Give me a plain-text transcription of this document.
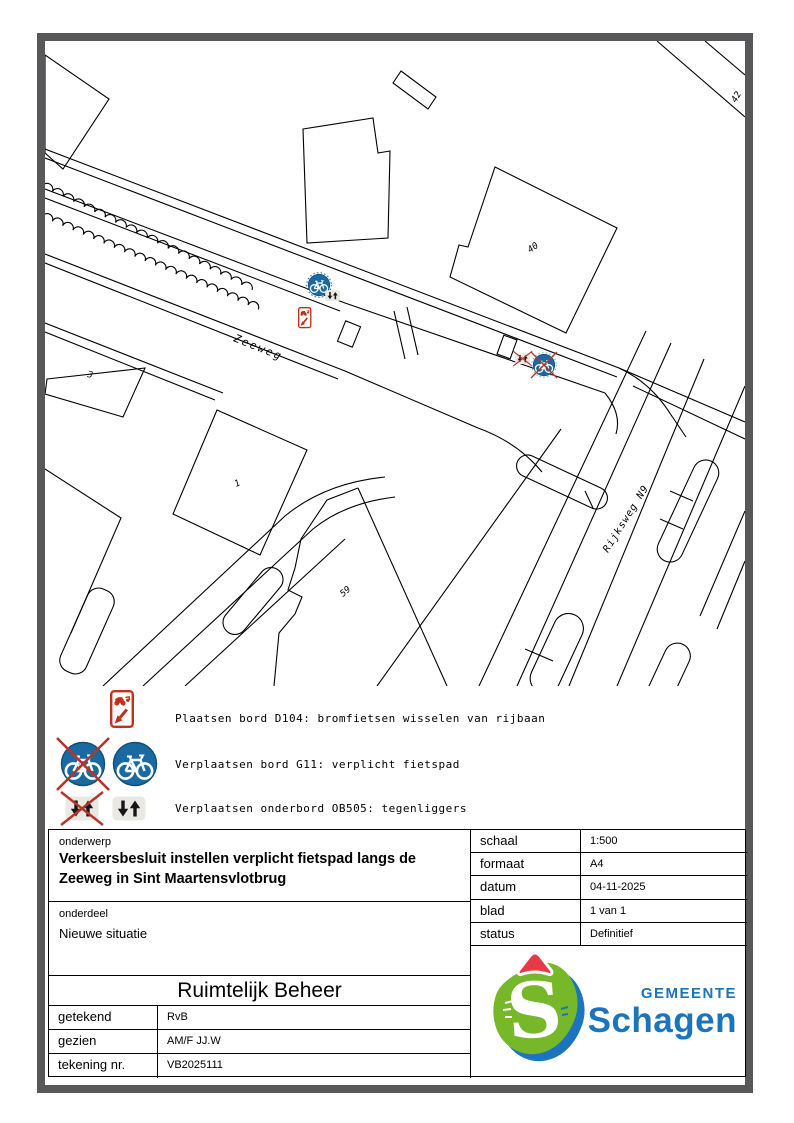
Zeeweg
Rijksweg N9
3
1
59
40
42
Plaatsen bord D104: bromfietsen wisselen van rijbaan
Verplaatsen bord G11: verplicht fietspad
Verplaatsen onderbord OB505: tegenliggers
onderwerp
Verkeersbesluit instellen verplicht fietspad langs de Zeeweg in Sint Maartensvlotbrug
onderdeel
Nieuwe situatie
Ruimtelijk Beheer
getekend	RvB
gezien	AM/F JJ.W
tekening nr.	VB2025111
schaal	1:500
formaat	A4
datum	04-11-2025
blad	1 van 1
status	Definitief
S	GEMEENTE
Schagen
